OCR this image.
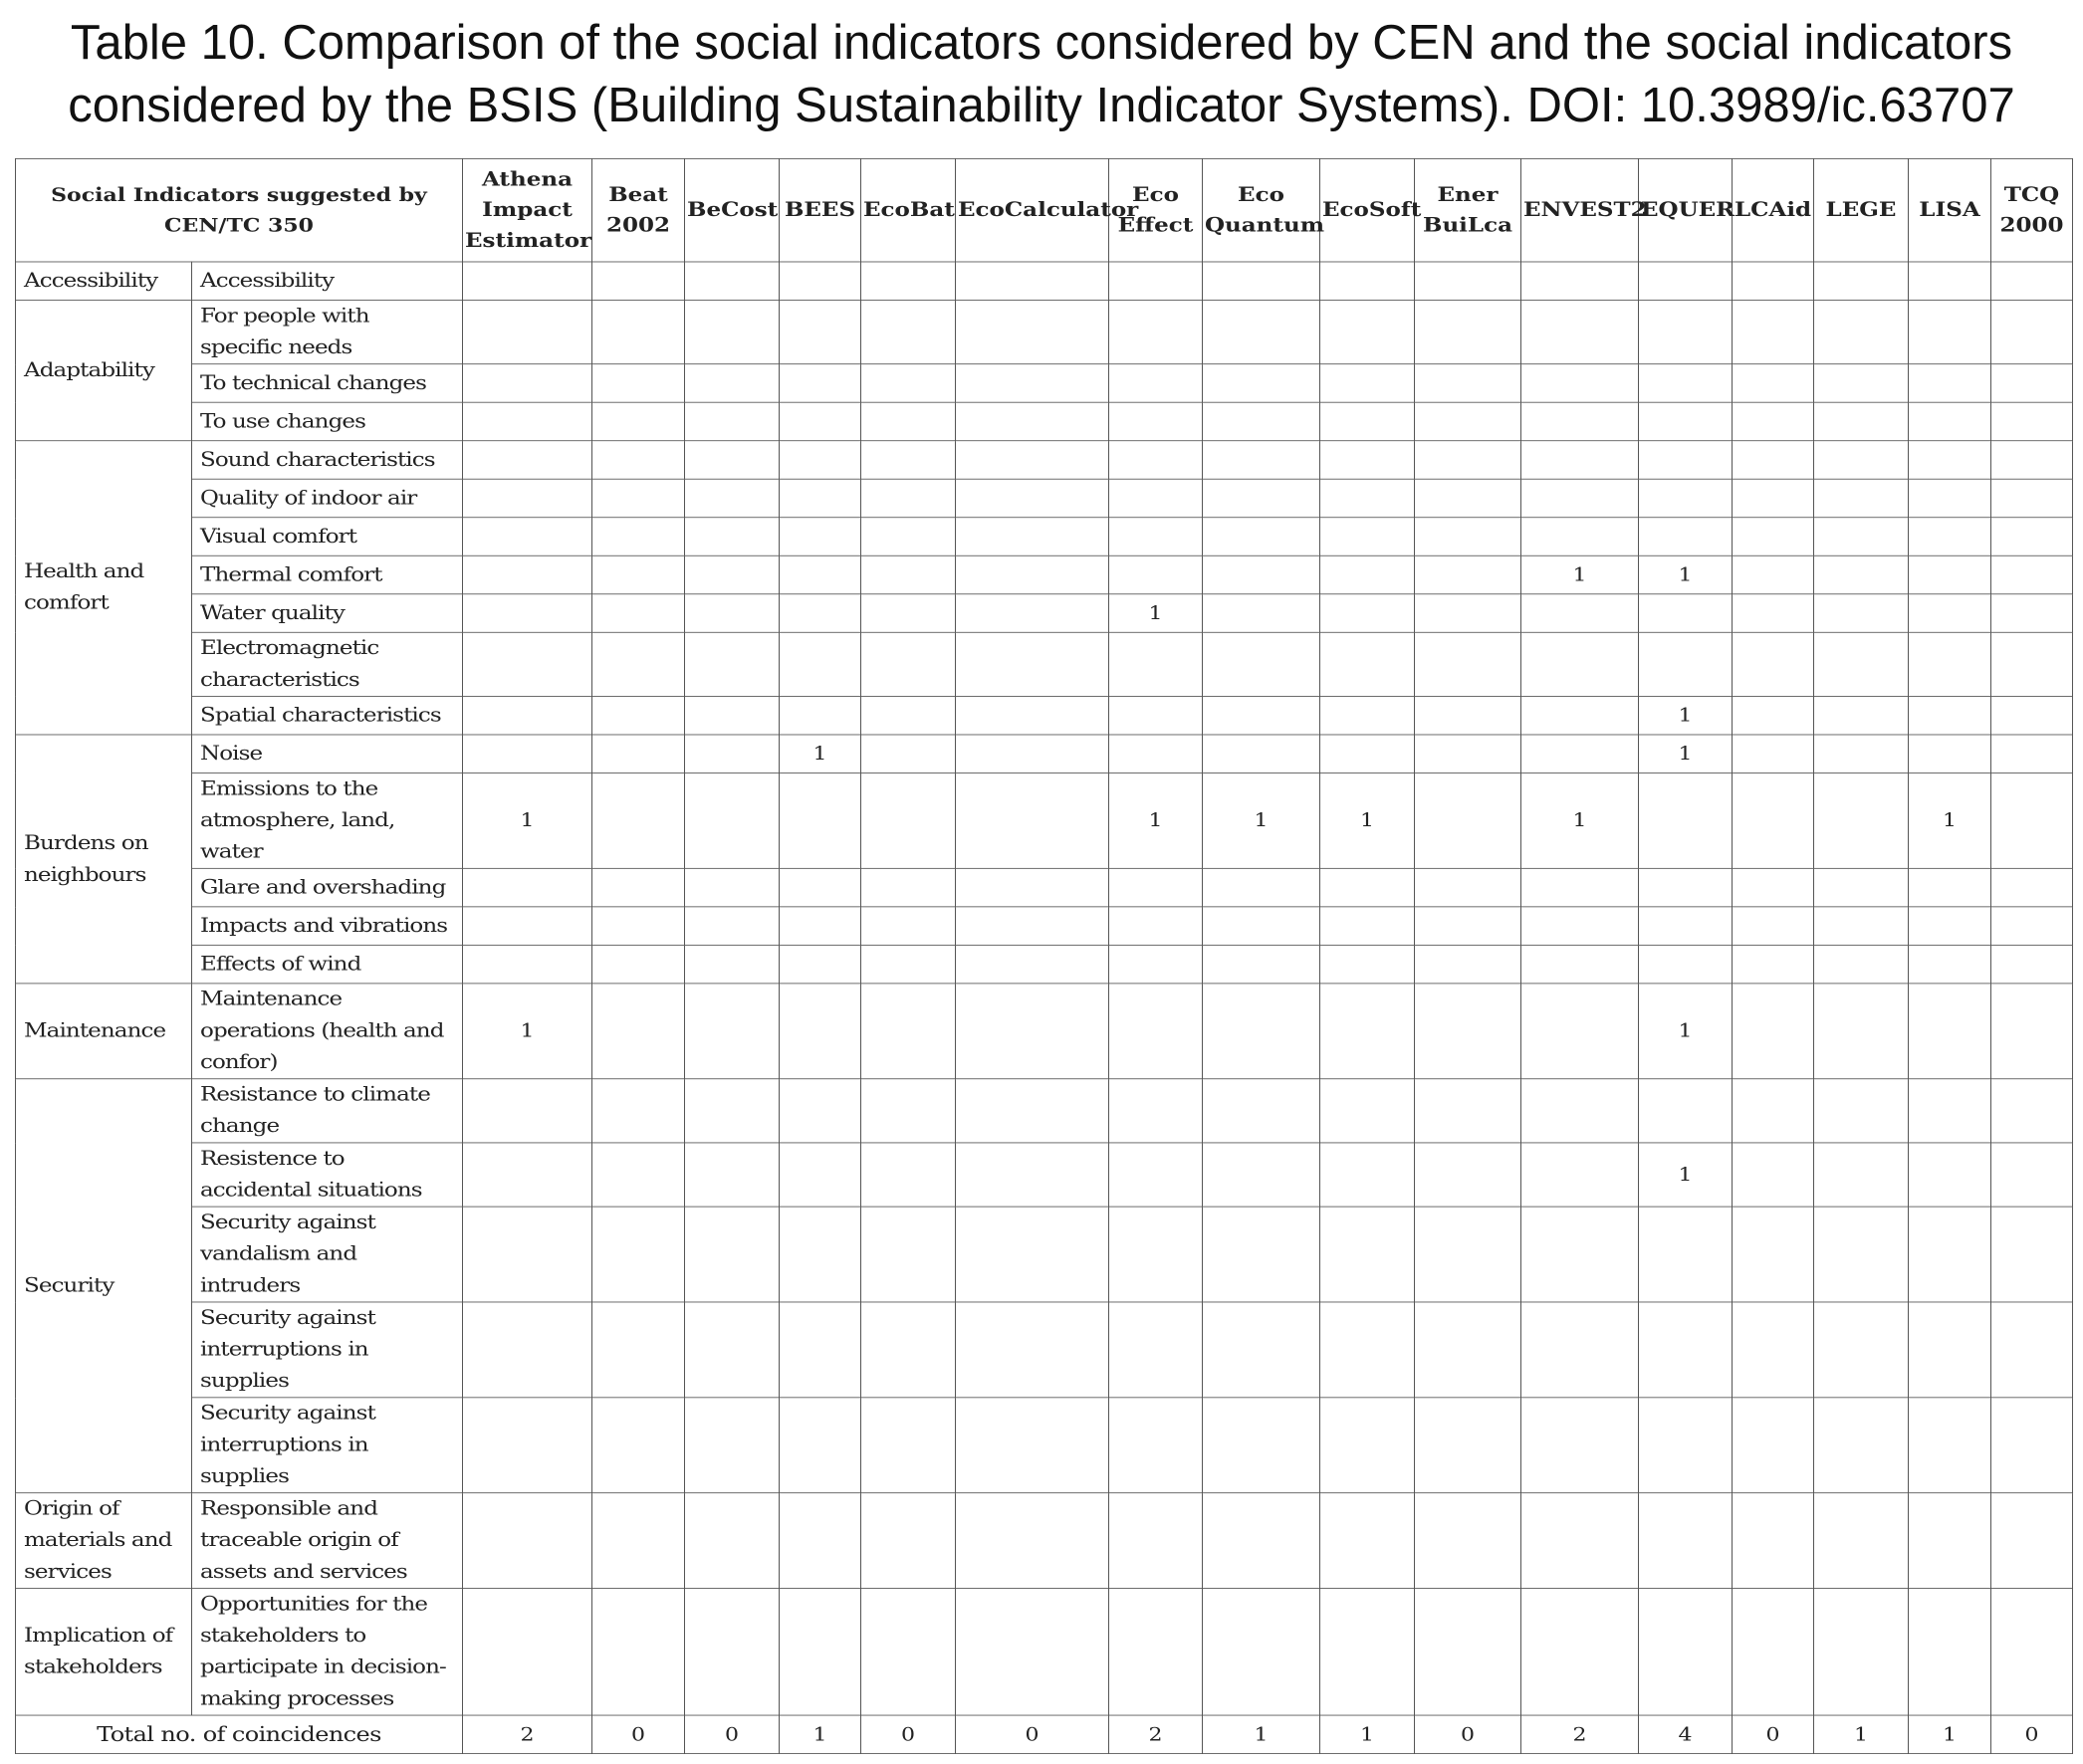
Table 10. Comparison of the social indicators considered by CEN and the social indicators
considered by the BSIS (Building Sustainability Indicator Systems). DOI: 10.3989/ic.63707
Social Indicators suggested by CEN/TC 350		Athena
Impact
Estimator	Beat
2002	BeCost	BEES	EcoBat	EcoCalculator	Eco
Effect	Eco
Quantum	EcoSoft	Ener
BuiLca	ENVEST2	EQUER	LCAid	LEGE	LISA	TCQ
2000
Accessibility	Accessibility																
Adaptability	For people with specific needs																
	To technical changes																
	To use changes																
Health and comfort	Sound characteristics																
	Quality of indoor air																
	Visual comfort																
	Thermal comfort											1	1				
	Water quality							1									
	Electromagnetic characteristics																
	Spatial characteristics												1				
Burdens on neighbours	Noise				1								1				
	Emissions to the atmosphere, land, water	1						1	1	1		1				1	
	Glare and overshading																
	Impacts and vibrations																
	Effects of wind																
Maintenance	Maintenance operations (health and confor)	1											1				
Security	Resistance to climate change																
	Resistence to accidental situations												1				
	Security against vandalism and intruders																
	Security against interruptions in supplies																
	Security against interruptions in supplies																
Origin of materials and services	Responsible and traceable origin of assets and services																
Implication of stakeholders	Opportunities for the stakeholders to participate in decision-making processes																
Total no. of coincidences		2	0	0	1	0	0	2	1	1	0	2	4	0	1	1	0
